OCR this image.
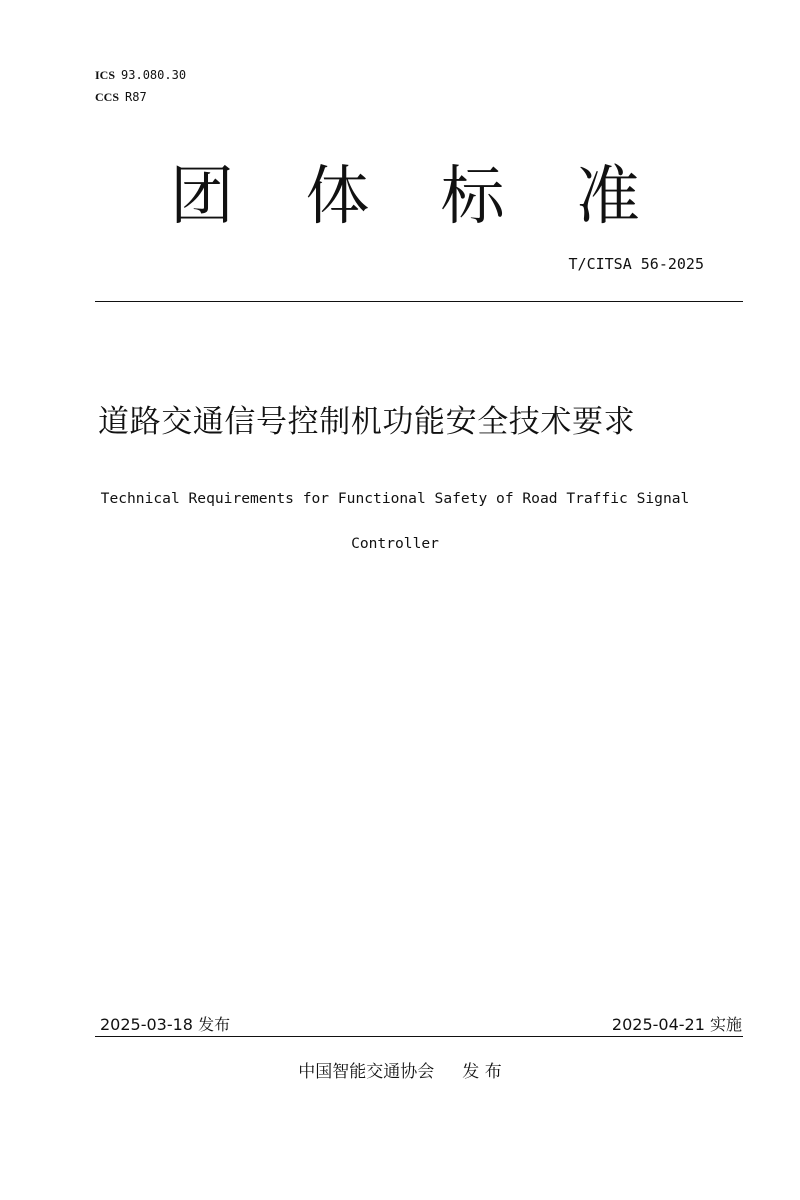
ICS 93.080.30
CCS R87
团 体 标 准
T/CITSA 56-2025
道路交通信号控制机功能安全技术要求
Technical Requirements for Functional Safety of Road Traffic Signal
Controller
2025-03-18 发布	2025-04-21 实施
中国智能交通协会 发 布
